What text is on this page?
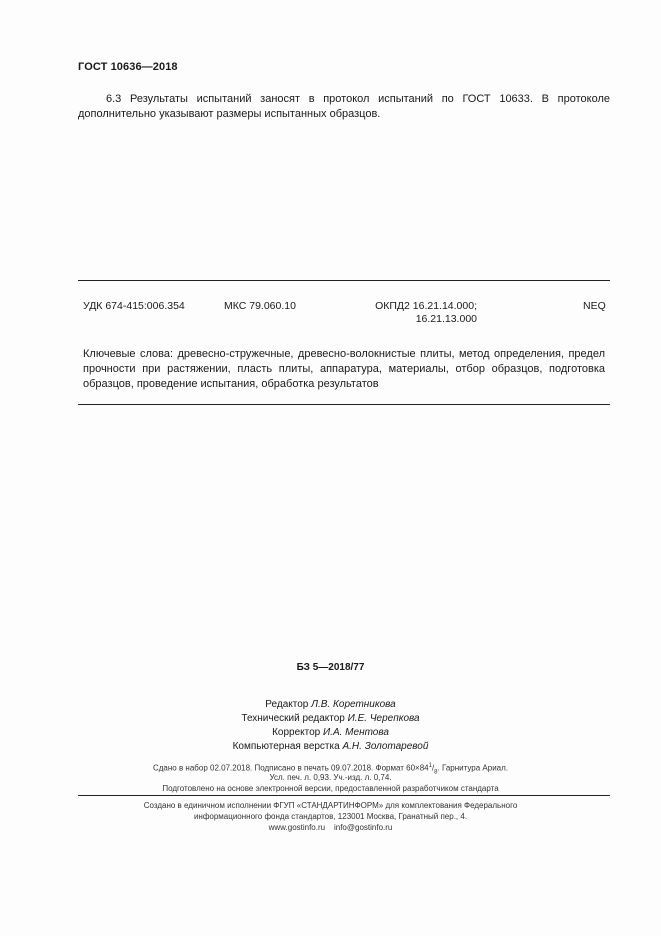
ГОСТ 10636—2018
6.3 Результаты испытаний заносят в протокол испытаний по ГОСТ 10633. В протоколе дополнительно указывают размеры испытанных образцов.
УДК 674-415:006.354	МКС 79.060.10	ОКПД2 16.21.14.000;
16.21.13.000
NEQ
Ключевые слова: древесно-стружечные, древесно-волокнистые плиты, метод определения, предел прочности при растяжении, пласть плиты, аппаратура, материалы, отбор образцов, подготовка образцов, проведение испытания, обработка результатов
БЗ 5—2018/77
Редактор Л.В. Коретникова
Технический редактор И.Е. Черепкова
Корректор И.А. Ментова
Компьютерная верстка А.Н. Золотаревой
Сдано в набор 02.07.2018. Подписано в печать 09.07.2018. Формат $60\times 84^1/_8$. Гарнитура Ариал.
Усл. печ. л. 0,93. Уч.-изд. л. 0,74.
Подготовлено на основе электронной версии, предоставленной разработчиком стандарта
Создано в единичном исполнении ФГУП «СТАНДАРТИНФОРМ» для комплектования Федерального
информационного фонда стандартов, 123001 Москва, Гранатный пер., 4.
www.gostinfo.ru info@gostinfo.ru
